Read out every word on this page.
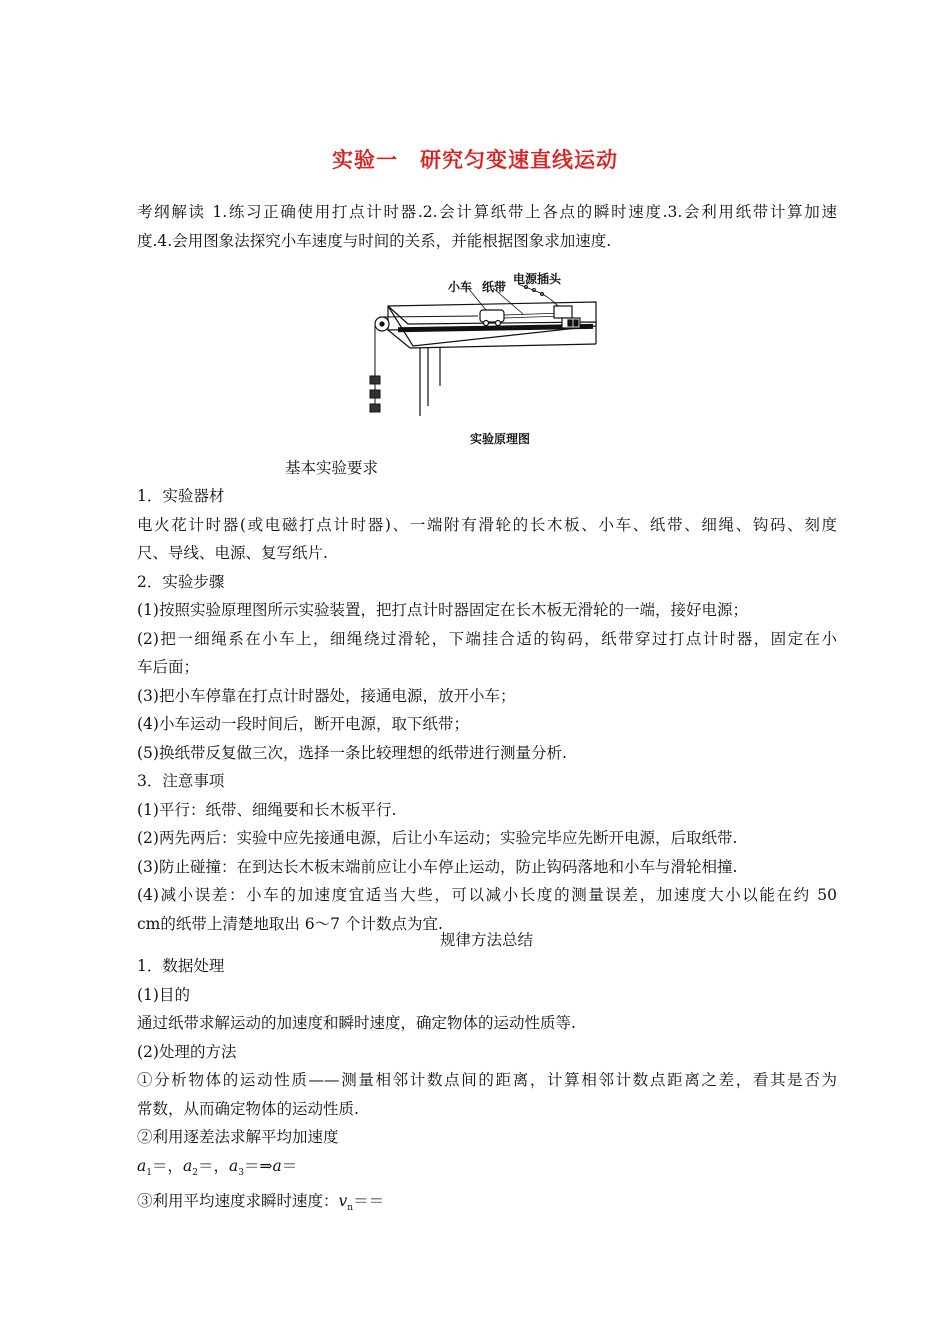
实验一　研究匀变速直线运动

考纲解读 1.练习正确使用打点计时器.2.会计算纸带上各点的瞬时速度.3.会利用纸带计算加速

度.4.会用图象法探究小车速度与时间的关系，并能根据图象求加速度.

小车 纸带
电源插头
实验原理图
基本实验要求

1．实验器材

电火花计时器(或电磁打点计时器)、一端附有滑轮的长木板、小车、纸带、细绳、钩码、刻度

尺、导线、电源、复写纸片.

2．实验步骤

(1)按照实验原理图所示实验装置，把打点计时器固定在长木板无滑轮的一端，接好电源；

(2)把一细绳系在小车上，细绳绕过滑轮，下端挂合适的钩码，纸带穿过打点计时器，固定在小

车后面；

(3)把小车停靠在打点计时器处，接通电源，放开小车；

(4)小车运动一段时间后，断开电源，取下纸带；

(5)换纸带反复做三次，选择一条比较理想的纸带进行测量分析.

3．注意事项

(1)平行：纸带、细绳要和长木板平行.

(2)两先两后：实验中应先接通电源，后让小车运动；实验完毕应先断开电源，后取纸带.

(3)防止碰撞：在到达长木板末端前应让小车停止运动，防止钩码落地和小车与滑轮相撞.

(4)减小误差：小车的加速度宜适当大些，可以减小长度的测量误差，加速度大小以能在约 50

cm的纸带上清楚地取出 6～7 个计数点为宜.

规律方法总结

1．数据处理

(1)目的

通过纸带求解运动的加速度和瞬时速度，确定物体的运动性质等.

(2)处理的方法

①分析物体的运动性质——测量相邻计数点间的距离，计算相邻计数点距离之差，看其是否为

常数，从而确定物体的运动性质.

②利用逐差法求解平均加速度

$a_1=$，$a_2=$，$a_3=\Rightarrow a=$

③利用平均速度求瞬时速度：$v_n==$
